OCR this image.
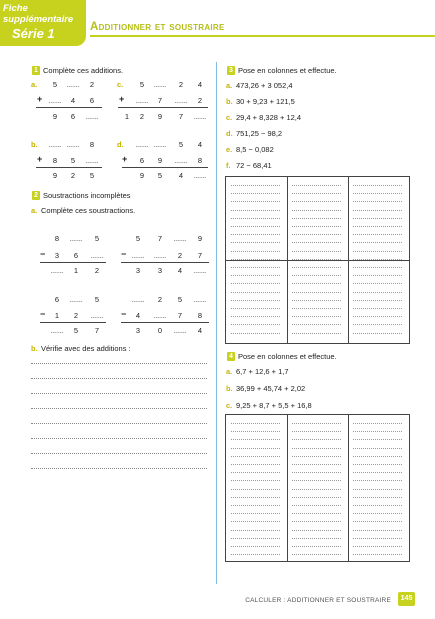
Fiche supplémentaire
Série 1	Additionner et soustraire
1 Complète ces additions.
a.	5	......	2
+ ......	4	6
9	6	......
c.	5	......	2	4
+ ......	7	......	2
1	2	9	7	......
b. ...... ......	8
+	8	5	......
9	2	5
d. ...... ......	5	4
+	6	9	......	8
9	5	4	......
2 Soustractions incomplètes
a. Complète ces soustractions.
8	......	5
−	3	6	......
......	1	2
5	7	......	9
− ...... ......	2	7
3	3	4	......
6	......	5
−	1	2	......
......	5	7
......	2	5	......
−	4	......	7	8
3	0	......	4
b. Vérifie avec des additions :
3 Pose en colonnes et effectue.
a. 473,26 + 3 052,4
b. 30 + 9,23 + 121,5
c. 29,4 + 8,328 + 12,4
d. 751,25 − 98,2
e. 8,5 − 0,082
f. 72 − 68,41
4 Pose en colonnes et effectue.
a. 6,7 + 12,6 + 1,7
b. 36,99 + 45,74 + 2,02
c. 9,25 + 8,7 + 5,5 + 16,8
CALCULER : ADDITIONNER ET SOUSTRAIRE	145
